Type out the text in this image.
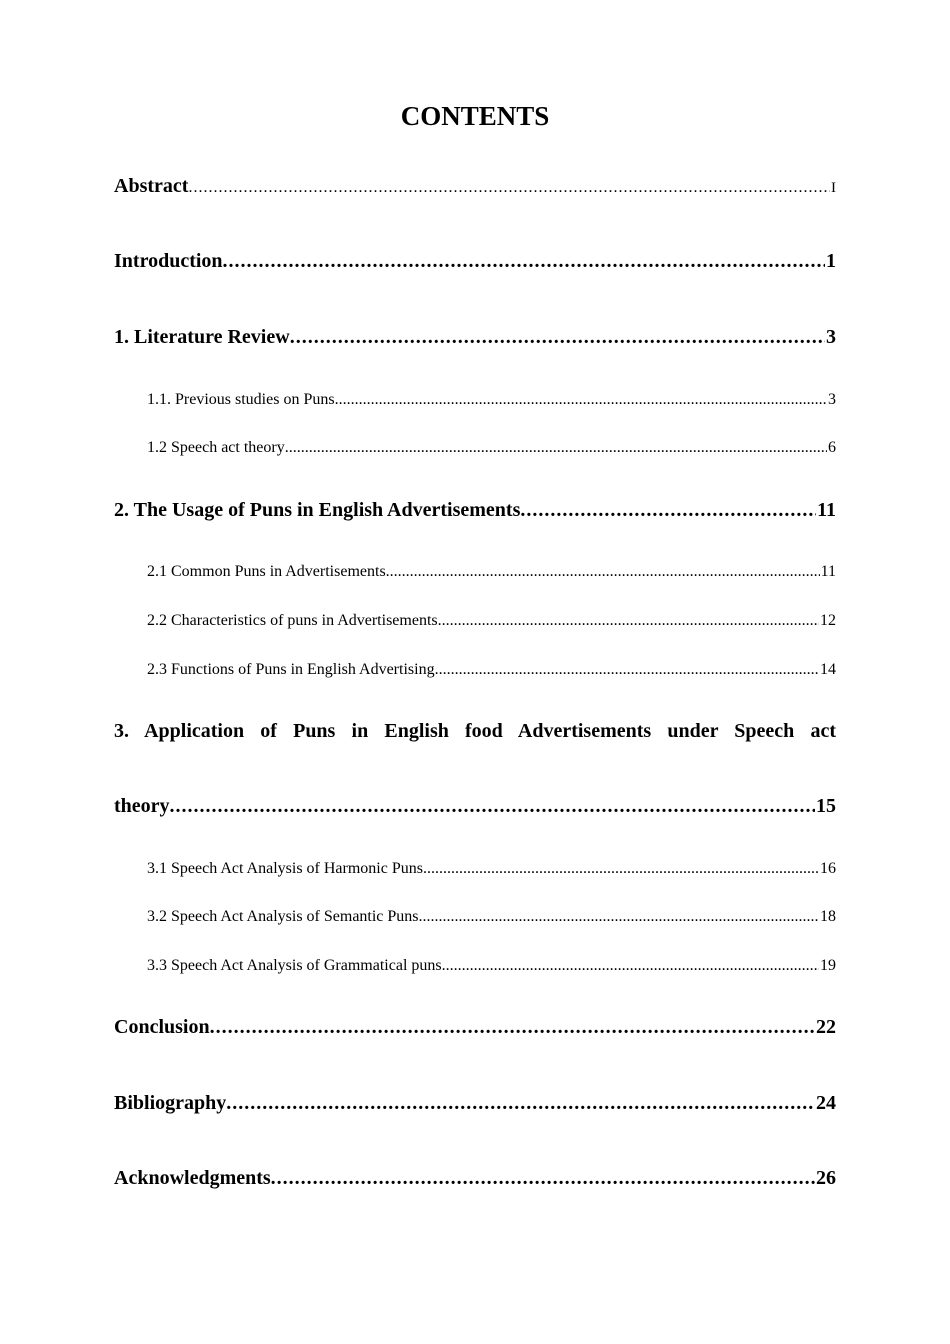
CONTENTS
Abstract .....	I
Introduction .....	1
1. Literature Review .....	3
1.1. Previous studies on Puns .....	3
1.2 Speech act theory .....	6
2. The Usage of Puns in English Advertisements .....	11
2.1 Common Puns in Advertisements .....	11
2.2 Characteristics of puns in Advertisements .....	12
2.3 Functions of Puns in English Advertising .....	14
3. Application of Puns in English food Advertisements under Speech act
theory .....	15
3.1 Speech Act Analysis of Harmonic Puns .....	16
3.2 Speech Act Analysis of Semantic Puns .....	18
3.3 Speech Act Analysis of Grammatical puns .....	19
Conclusion .....	22
Bibliography .....	24
Acknowledgments .....	26
